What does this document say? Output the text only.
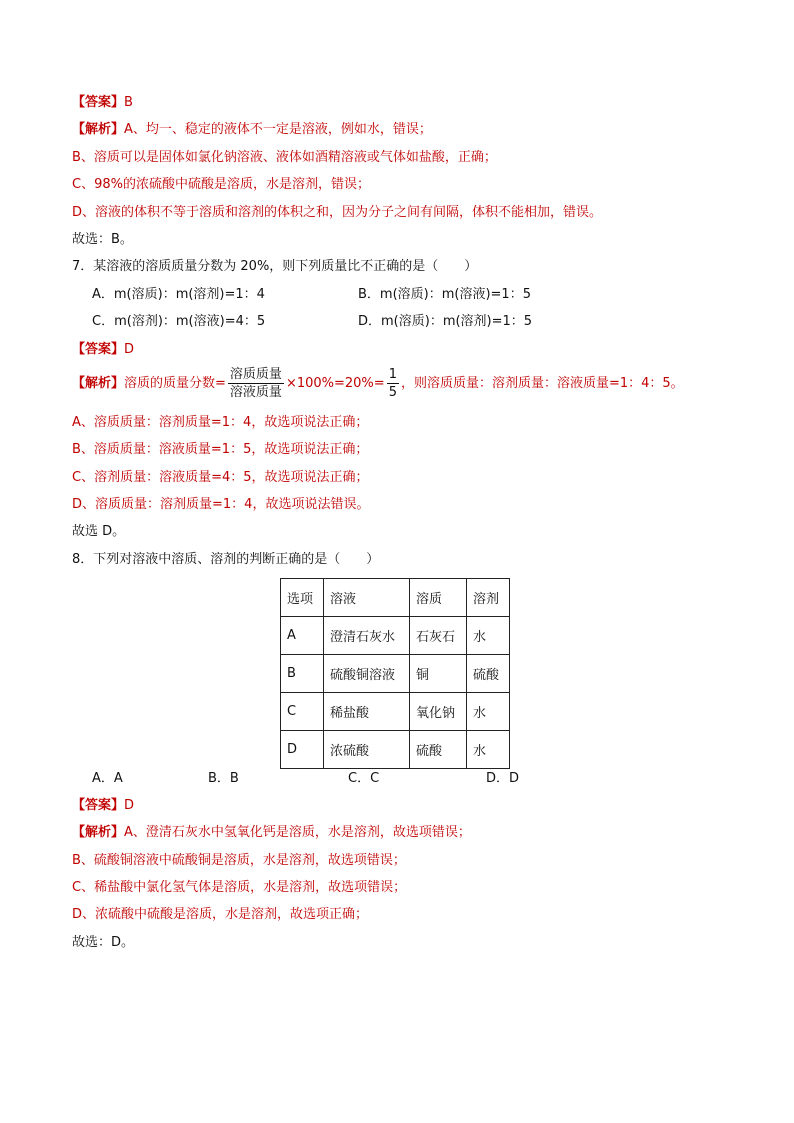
【答案】B
【解析】A、均一、稳定的液体不一定是溶液，例如水，错误；
B、溶质可以是固体如氯化钠溶液、液体如酒精溶液或气体如盐酸，正确；
C、98%的浓硫酸中硫酸是溶质，水是溶剂，错误；
D、溶液的体积不等于溶质和溶剂的体积之和，因为分子之间有间隔，体积不能相加，错误。
故选：B。
7．某溶液的溶质质量分数为 20%，则下列质量比不正确的是（　　）
A．m(溶质)：m(溶剂)=1：4	B．m(溶质)：m(溶液)=1：5
C．m(溶剂)：m(溶液)=4：5	D．m(溶质)：m(溶剂)=1：5
【答案】D
【解析】溶质的质量分数= $\frac{\text{溶质质量}}{\text{溶液质量}} \times 100\%=20\%= \frac{1}{5}$ ，则溶质质量：溶剂质量：溶液质量=1：4：5。
A、溶质质量：溶剂质量=1：4，故选项说法正确；
B、溶质质量：溶液质量=1：5，故选项说法正确；
C、溶剂质量：溶液质量=4：5，故选项说法正确；
D、溶质质量：溶剂质量=1：4，故选项说法错误。
故选 D。
8．下列对溶液中溶质、溶剂的判断正确的是（　　）
选项	溶液	溶质	溶剂
A	澄清石灰水	石灰石	水
B	硫酸铜溶液	铜	硫酸
C	稀盐酸	氧化钠	水
D	浓硫酸	硫酸	水
A．A	B．B	C．C	D．D
【答案】D
【解析】A、澄清石灰水中氢氧化钙是溶质，水是溶剂，故选项错误；
B、硫酸铜溶液中硫酸铜是溶质，水是溶剂，故选项错误；
C、稀盐酸中氯化氢气体是溶质，水是溶剂，故选项错误；
D、浓硫酸中硫酸是溶质，水是溶剂，故选项正确；
故选：D。
